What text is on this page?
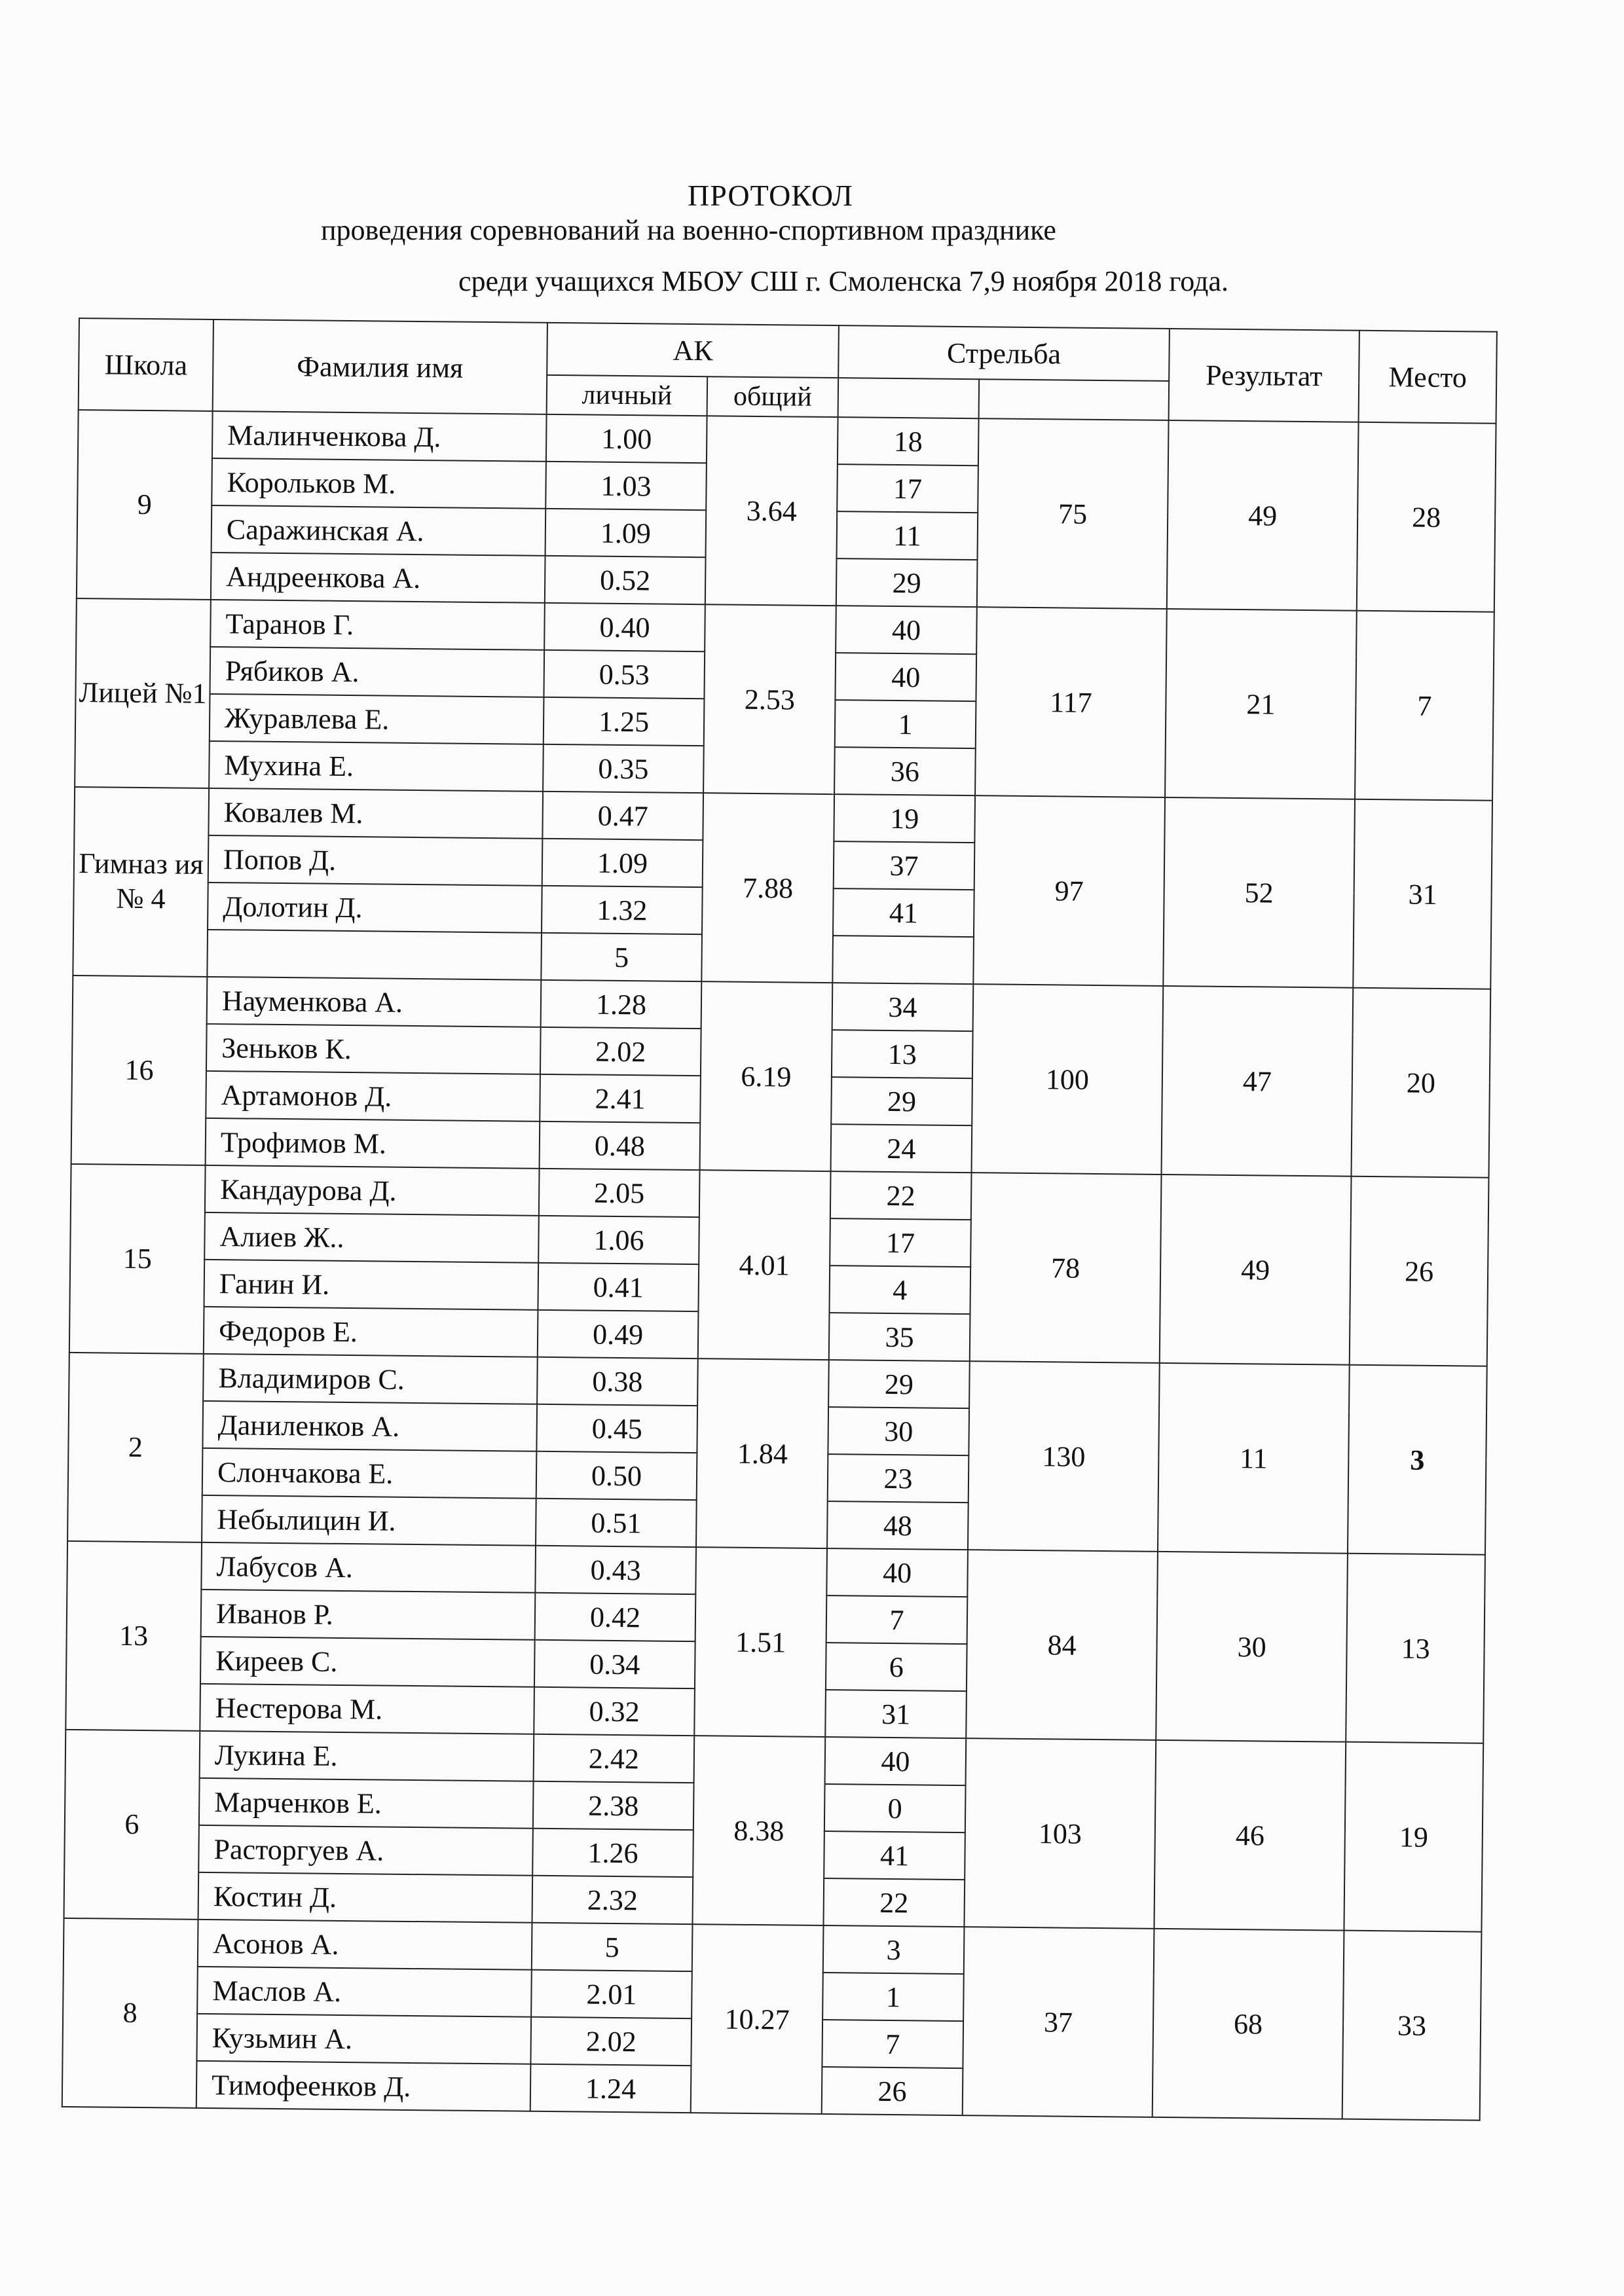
ПРОТОКОЛ
проведения соревнований на военно-спортивном празднике
среди учащихся МБОУ СШ г. Смоленска 7,9 ноября 2018 года.
Школа	Фамилия имя	АК		Стрельба		Результат	Место
		личный	общий				
9	Малинченкова Д.	1.00	3.64	18	75	49	28
	Корольков М.	1.03		17			
	Саражинская А.	1.09		11			
	Андреенкова А.	0.52		29			
Лицей №1	Таранов Г.	0.40	2.53	40	117	21	7
	Рябиков А.	0.53		40			
	Журавлева Е.	1.25		1			
	Мухина Е.	0.35		36			
Гимназ ия № 4	Ковалев М.	0.47	7.88	19	97	52	31
	Попов Д.	1.09		37			
	Долотин Д.	1.32		41			
		5					
16	Науменкова А.	1.28	6.19	34	100	47	20
	Зеньков К.	2.02		13			
	Артамонов Д.	2.41		29			
	Трофимов М.	0.48		24			
15	Кандаурова Д.	2.05	4.01	22	78	49	26
	Алиев Ж..	1.06		17			
	Ганин И.	0.41		4			
	Федоров Е.	0.49		35			
2	Владимиров С.	0.38	1.84	29	130	11	3
	Даниленков А.	0.45		30			
	Слончакова Е.	0.50		23			
	Небылицин И.	0.51		48			
13	Лабусов А.	0.43	1.51	40	84	30	13
	Иванов Р.	0.42		7			
	Киреев С.	0.34		6			
	Нестерова М.	0.32		31			
6	Лукина Е.	2.42	8.38	40	103	46	19
	Марченков Е.	2.38		0			
	Расторгуев А.	1.26		41			
	Костин Д.	2.32		22			
8	Асонов А.	5	10.27	3	37	68	33
	Маслов А.	2.01		1			
	Кузьмин А.	2.02		7			
	Тимофеенков Д.	1.24		26			
